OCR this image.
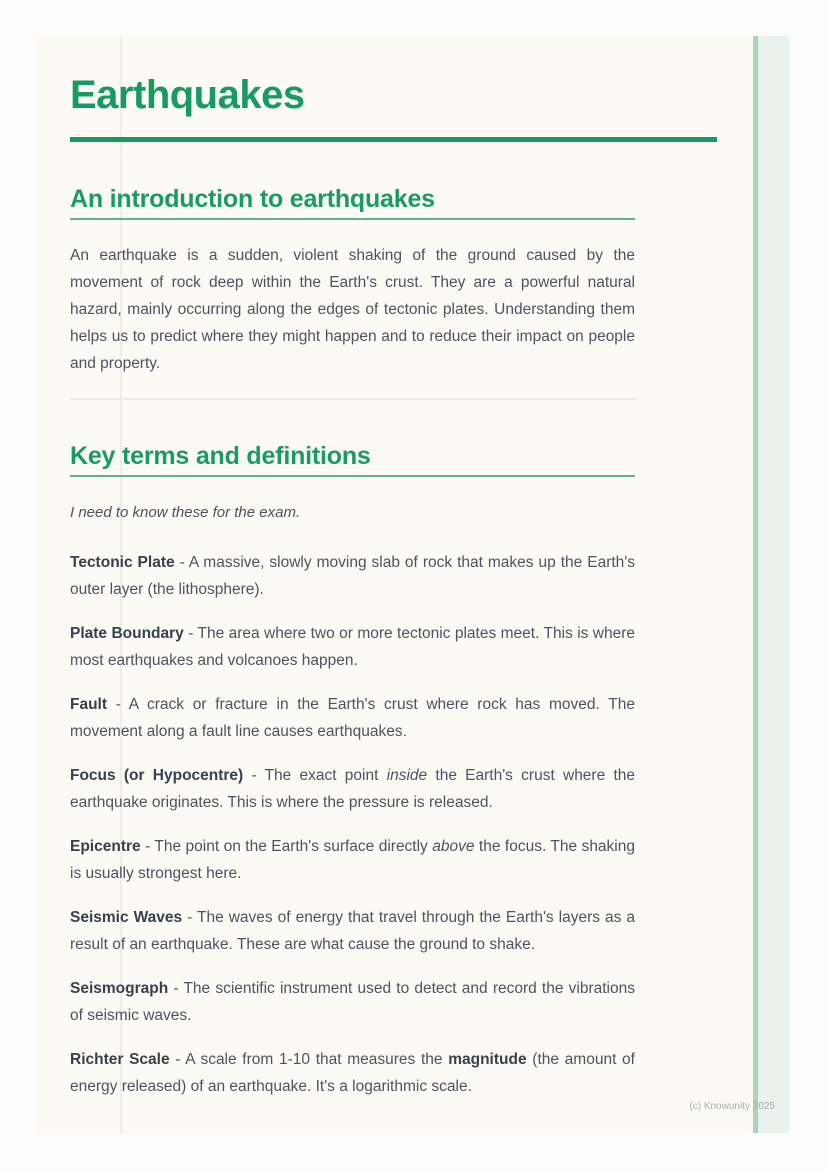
Earthquakes
An introduction to earthquakes

An earthquake is a sudden, violent shaking of the ground caused by the movement of rock deep within the Earth's crust. They are a powerful natural hazard, mainly occurring along the edges of tectonic plates. Understanding them helps us to predict where they might happen and to reduce their impact on people and property.

Key terms and definitions

I need to know these for the exam.

Tectonic Plate - A massive, slowly moving slab of rock that makes up the Earth's outer layer (the lithosphere).

Plate Boundary - The area where two or more tectonic plates meet. This is where most earthquakes and volcanoes happen.

Fault - A crack or fracture in the Earth's crust where rock has moved. The movement along a fault line causes earthquakes.

Focus (or Hypocentre) - The exact point inside the Earth's crust where the earthquake originates. This is where the pressure is released.

Epicentre - The point on the Earth's surface directly above the focus. The shaking is usually strongest here.

Seismic Waves - The waves of energy that travel through the Earth's layers as a result of an earthquake. These are what cause the ground to shake.

Seismograph - The scientific instrument used to detect and record the vibrations of seismic waves.

Richter Scale - A scale from 1-10 that measures the magnitude (the amount of energy released) of an earthquake. It's a logarithmic scale.

(c) Knowunity 2025
